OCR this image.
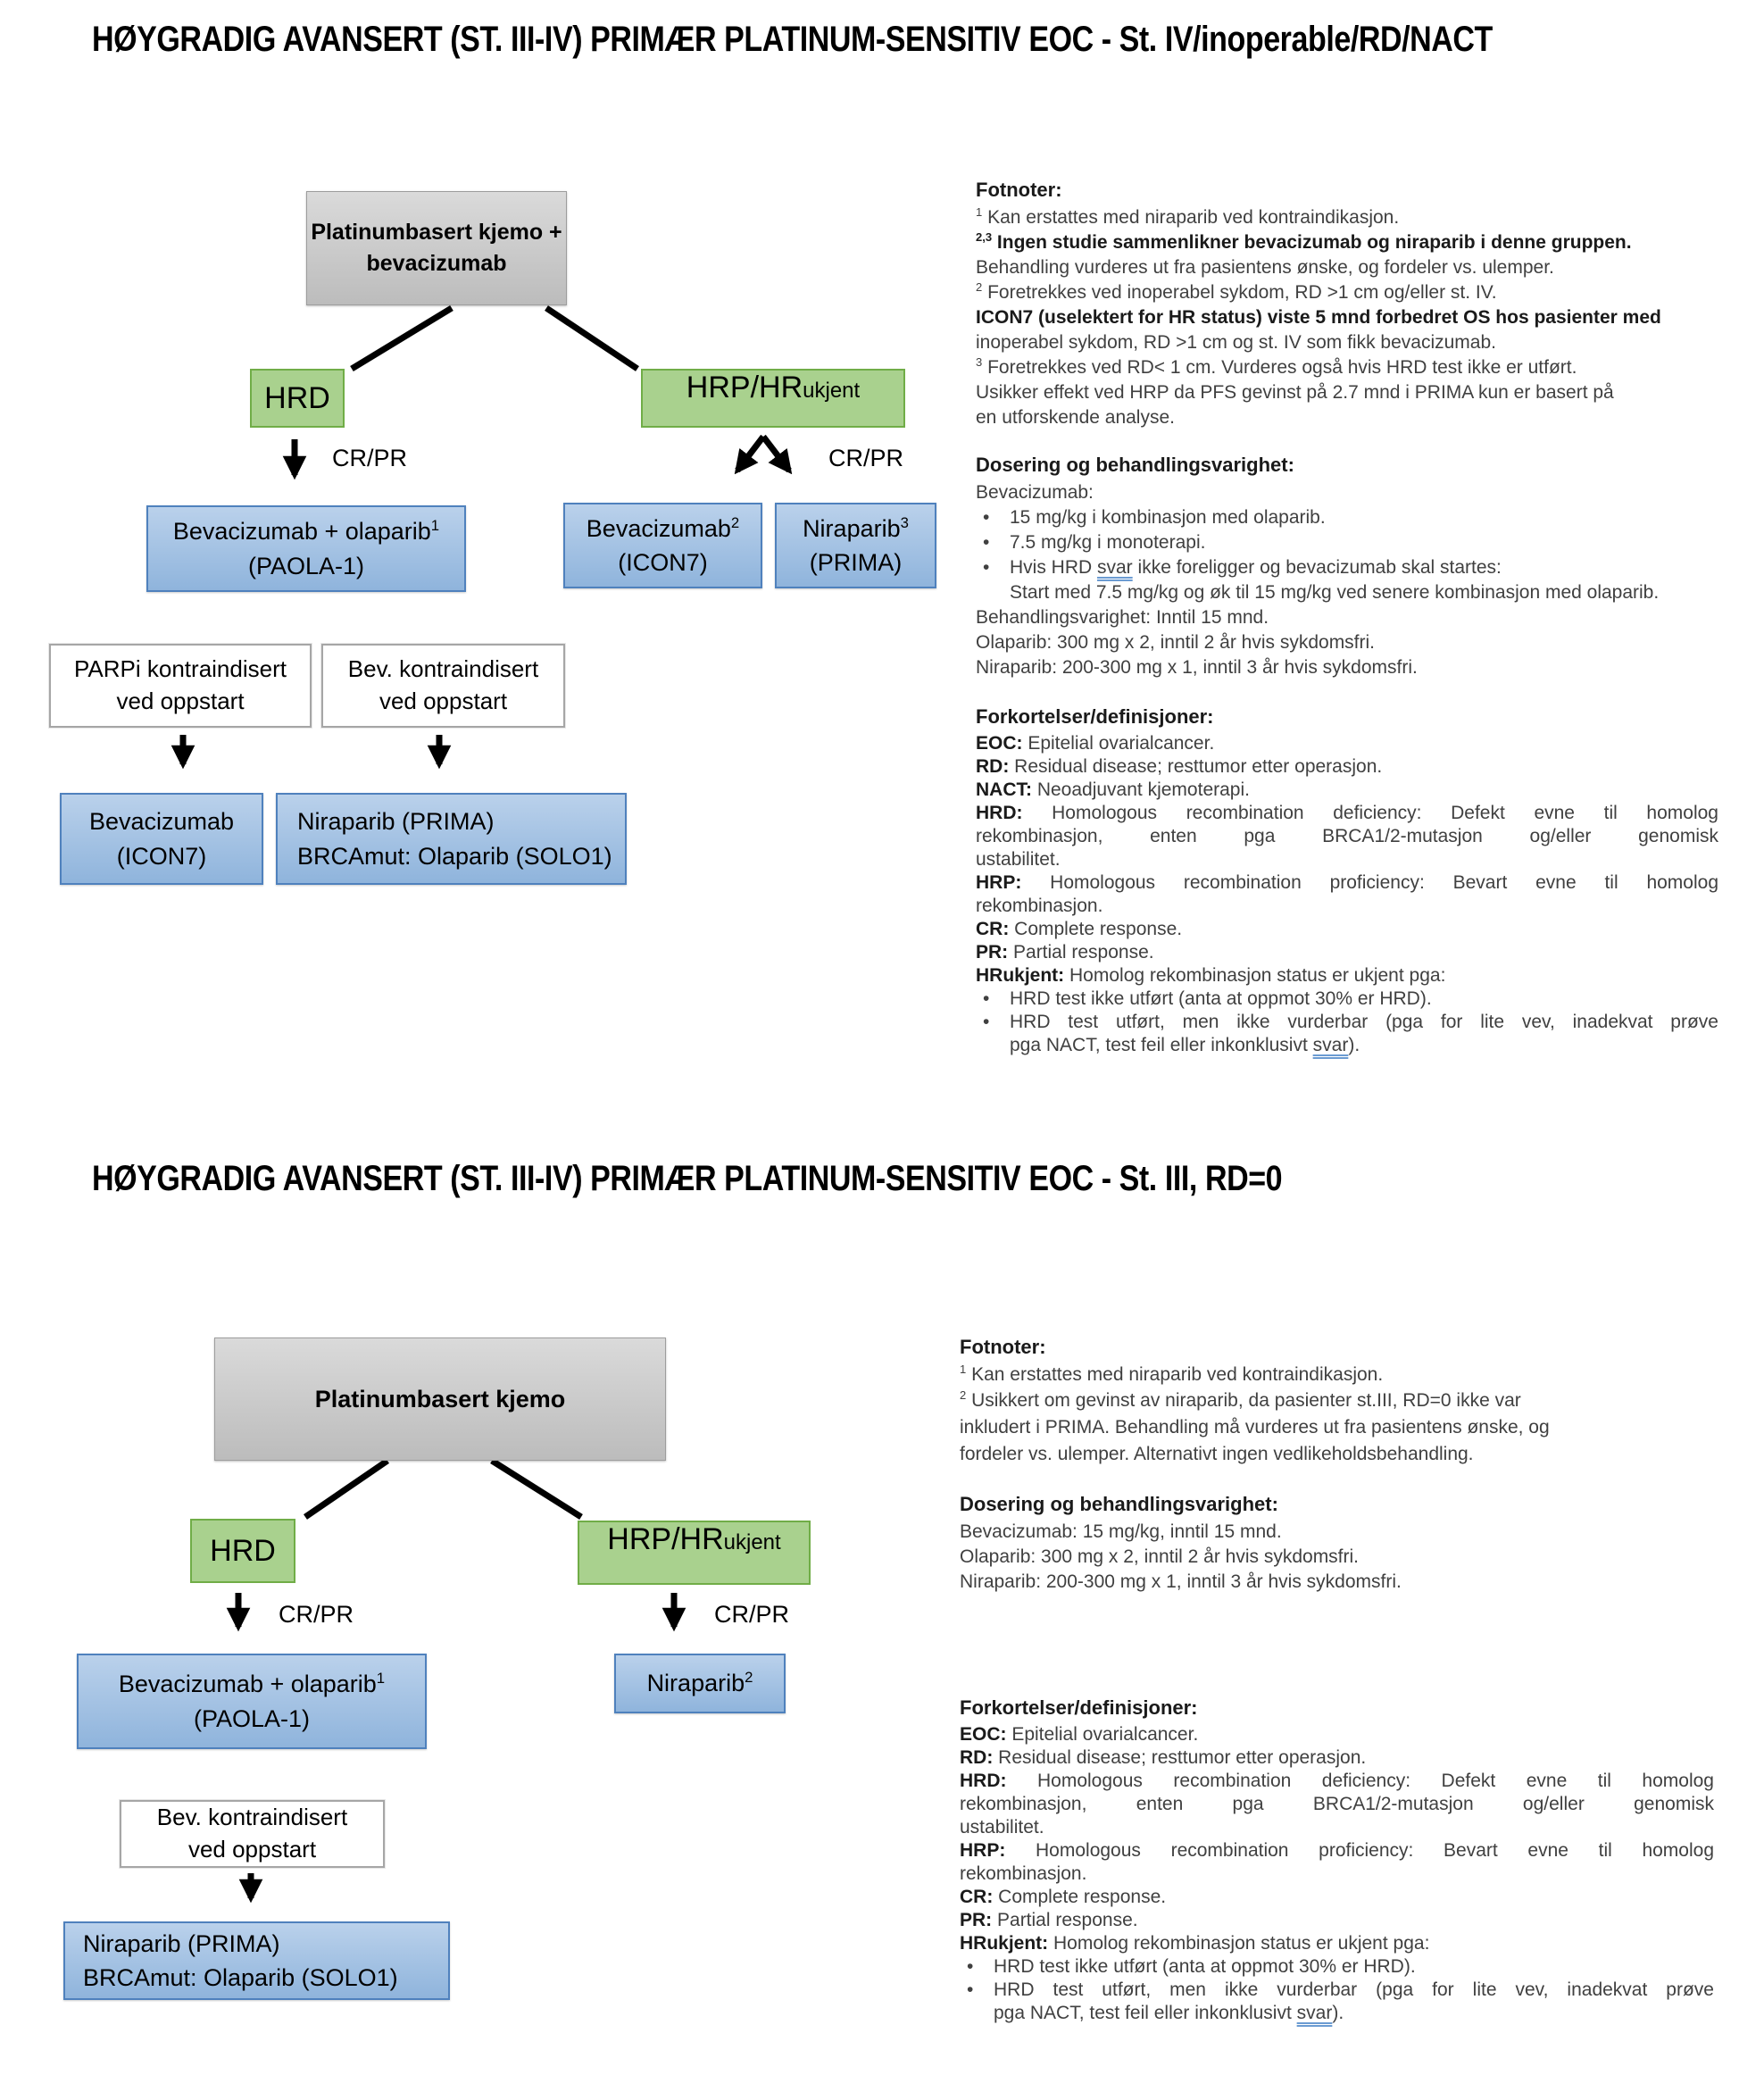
HØYGRADIG AVANSERT (ST. III-IV) PRIMÆR PLATINUM-SENSITIV EOC - St. IV/inoperable/RD/NACT
Platinumbasert kjemo +
bevacizumab
HRD	HRP/HR ukjent
CR/PR	CR/PR
Bevacizumab + olaparib$^1$
(PAOLA-1)
Bevacizumab$^2$
(ICON7)
Niraparib$^3$
(PRIMA)
PARPi kontraindisert
ved oppstart
Bev. kontraindisert
ved oppstart
Bevacizumab
(ICON7)
Niraparib (PRIMA)
BRCAmut: Olaparib (SOLO1)
Fotnoter:
$^1$ Kan erstattes med niraparib ved kontraindikasjon.
$^{2,3}$ Ingen studie sammenlikner bevacizumab og niraparib i denne gruppen.
Behandling vurderes ut fra pasientens ønske, og fordeler vs. ulemper.
$^2$ Foretrekkes ved inoperabel sykdom, RD >1 cm og/eller st. IV.
ICON7 (uselektert for HR status) viste 5 mnd forbedret OS hos pasienter med
inoperabel sykdom, RD >1 cm og st. IV som fikk bevacizumab.
$^3$ Foretrekkes ved RD< 1 cm. Vurderes også hvis HRD test ikke er utført.
Usikker effekt ved HRP da PFS gevinst på 2.7 mnd i PRIMA kun er basert på
en utforskende analyse.
Dosering og behandlingsvarighet:
Bevacizumab:
• 15 mg/kg i kombinasjon med olaparib.
• 7.5 mg/kg i monoterapi.
• Hvis HRD svar ikke foreligger og bevacizumab skal startes:
Start med 7.5 mg/kg og øk til 15 mg/kg ved senere kombinasjon med olaparib.
Behandlingsvarighet: Inntil 15 mnd.
Olaparib: 300 mg x 2, inntil 2 år hvis sykdomsfri.
Niraparib: 200-300 mg x 1, inntil 3 år hvis sykdomsfri.
Forkortelser/definisjoner:
EOC: Epitelial ovarialcancer.
RD: Residual disease; resttumor etter operasjon.
NACT: Neoadjuvant kjemoterapi.
HRD: Homologous recombination deficiency: Defekt evne til homolog
rekombinasjon, enten pga BRCA1/2-mutasjon og/eller genomisk
ustabilitet.
HRP: Homologous recombination proficiency: Bevart evne til homolog
rekombinasjon.
CR: Complete response.
PR: Partial response.
HRukjent: Homolog rekombinasjon status er ukjent pga:
• HRD test ikke utført (anta at oppmot 30% er HRD).
• HRD test utført, men ikke vurderbar (pga for lite vev, inadekvat prøve
pga NACT, test feil eller inkonklusivt svar).
HØYGRADIG AVANSERT (ST. III-IV) PRIMÆR PLATINUM-SENSITIV EOC - St. III, RD=0
Platinumbasert kjemo
HRD	HRP/HR ukjent
CR/PR	CR/PR
Bevacizumab + olaparib$^1$
(PAOLA-1)
Niraparib$^2$
Bev. kontraindisert
ved oppstart
Niraparib (PRIMA)
BRCAmut: Olaparib (SOLO1)
Fotnoter:
$^1$ Kan erstattes med niraparib ved kontraindikasjon.
$^2$ Usikkert om gevinst av niraparib, da pasienter st.III, RD=0 ikke var
inkludert i PRIMA. Behandling må vurderes ut fra pasientens ønske, og
fordeler vs. ulemper. Alternativt ingen vedlikeholdsbehandling.
Dosering og behandlingsvarighet:
Bevacizumab: 15 mg/kg, inntil 15 mnd.
Olaparib: 300 mg x 2, inntil 2 år hvis sykdomsfri.
Niraparib: 200-300 mg x 1, inntil 3 år hvis sykdomsfri.
Forkortelser/definisjoner:
EOC: Epitelial ovarialcancer.
RD: Residual disease; resttumor etter operasjon.
HRD: Homologous recombination deficiency: Defekt evne til homolog
rekombinasjon, enten pga BRCA1/2-mutasjon og/eller genomisk
ustabilitet.
HRP: Homologous recombination proficiency: Bevart evne til homolog
rekombinasjon.
CR: Complete response.
PR: Partial response.
HRukjent: Homolog rekombinasjon status er ukjent pga:
• HRD test ikke utført (anta at oppmot 30% er HRD).
• HRD test utført, men ikke vurderbar (pga for lite vev, inadekvat prøve
pga NACT, test feil eller inkonklusivt svar).
